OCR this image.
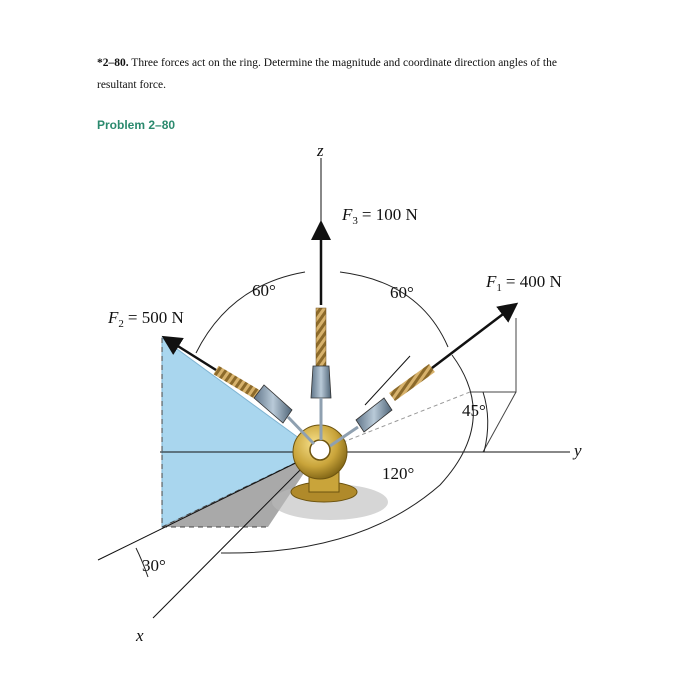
*2–80. Three forces act on the ring. Determine the magnitude and coordinate direction angles of the resultant force.
Problem 2–80
z
y
x
$F_3 = 100$ N
$F_2 = 500$ N
$F_1 = 400$ N
60°	60°
45°
120°
30°
